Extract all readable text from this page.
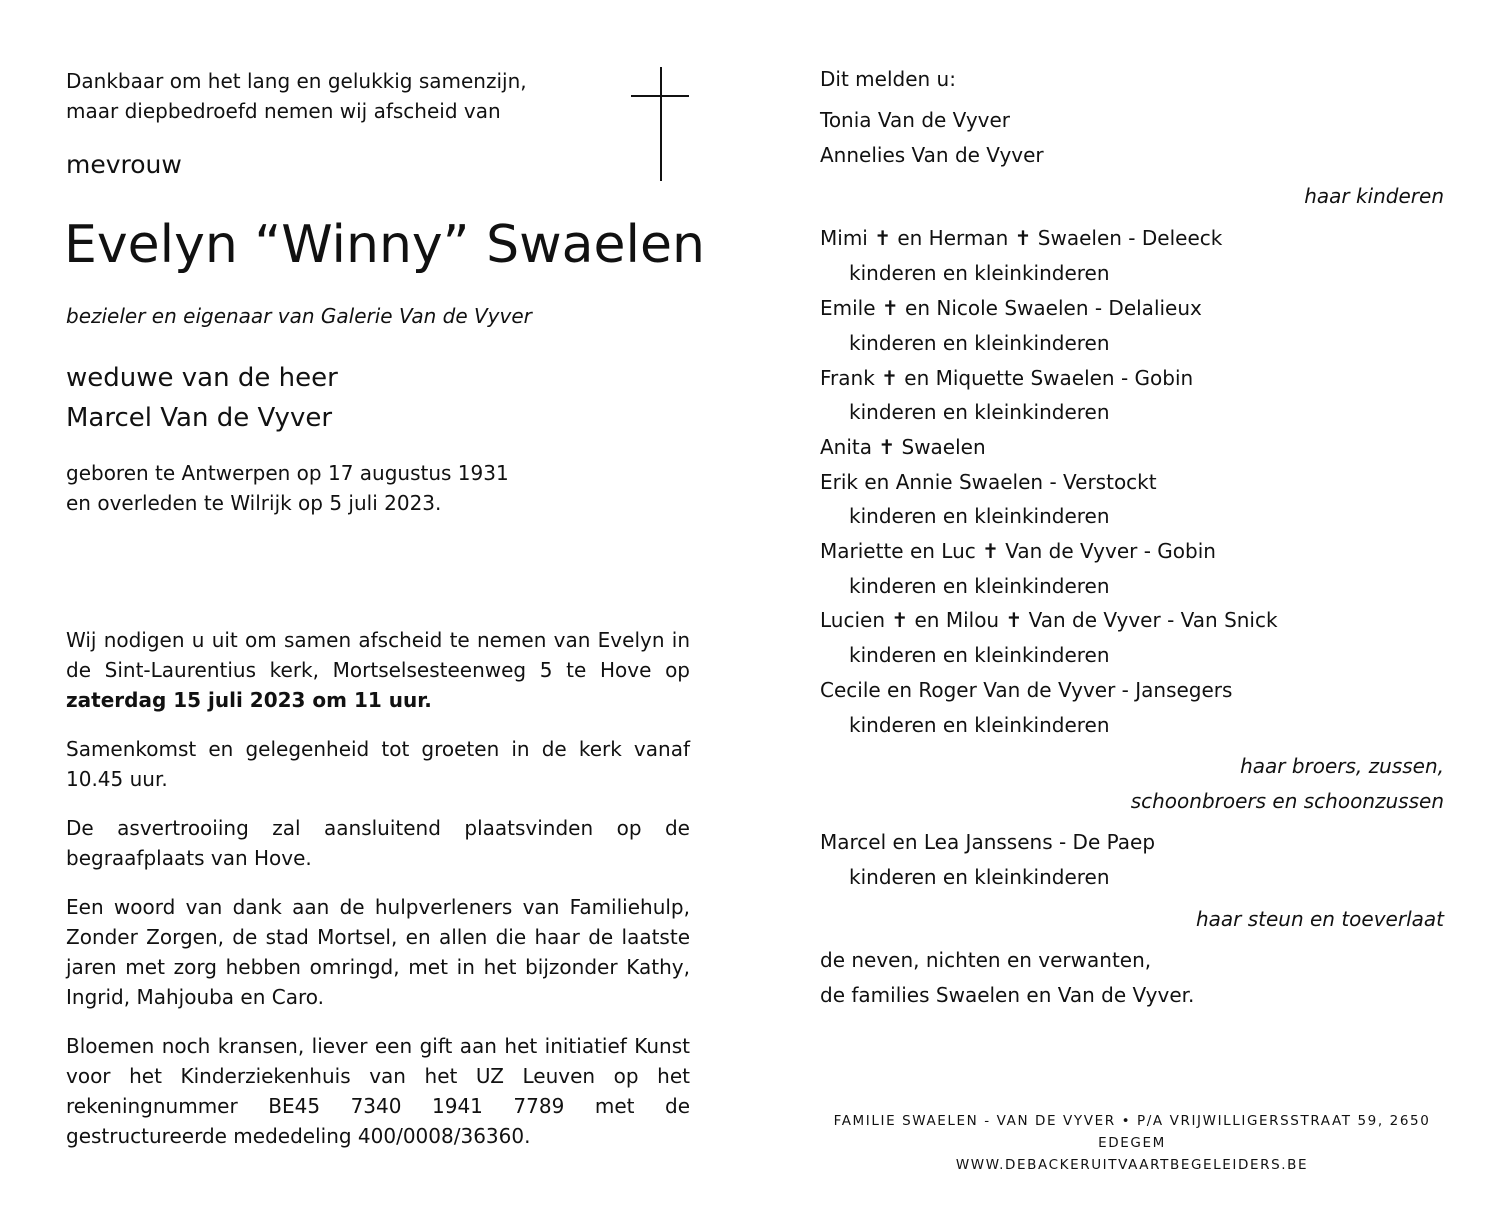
Dankbaar om het lang en gelukkig samenzijn,
maar diepbedroefd nemen wij afscheid van
mevrouw
Evelyn “Winny” Swaelen
bezieler en eigenaar van Galerie Van de Vyver
weduwe van de heer
Marcel Van de Vyver
geboren te Antwerpen op 17 augustus 1931
en overleden te Wilrijk op 5 juli 2023.

Wij nodigen u uit om samen afscheid te nemen van Evelyn in de Sint-Laurentius kerk, Mortselsesteenweg 5 te Hove op zaterdag 15 juli 2023 om 11 uur.

Samenkomst en gelegenheid tot groeten in de kerk vanaf 10.45 uur.

De asvertrooiing zal aansluitend plaatsvinden op de begraafplaats van Hove.

Een woord van dank aan de hulpverleners van Familiehulp, Zonder Zorgen, de stad Mortsel, en allen die haar de laatste jaren met zorg hebben omringd, met in het bijzonder Kathy, Ingrid, Mahjouba en Caro.

Bloemen noch kransen, liever een gift aan het initiatief Kunst voor het Kinderziekenhuis van het UZ Leuven op het rekeningnummer BE45 7340 1941 7789 met de gestructureerde mededeling 400/0008/36360.

Dit melden u:
Tonia Van de Vyver
Annelies Van de Vyver
haar kinderen
Mimi ✝ en Herman ✝ Swaelen - Deleeck
kinderen en kleinkinderen
Emile ✝ en Nicole Swaelen - Delalieux
kinderen en kleinkinderen
Frank ✝ en Miquette Swaelen - Gobin
kinderen en kleinkinderen
Anita ✝ Swaelen
Erik en Annie Swaelen - Verstockt
kinderen en kleinkinderen
Mariette en Luc ✝ Van de Vyver - Gobin
kinderen en kleinkinderen
Lucien ✝ en Milou ✝ Van de Vyver - Van Snick
kinderen en kleinkinderen
Cecile en Roger Van de Vyver - Jansegers
kinderen en kleinkinderen
haar broers, zussen,
schoonbroers en schoonzussen
Marcel en Lea Janssens - De Paep
kinderen en kleinkinderen
haar steun en toeverlaat
de neven, nichten en verwanten,
de families Swaelen en Van de Vyver.
FAMILIE SWAELEN - VAN DE VYVER • P/A VRIJWILLIGERSSTRAAT 59, 2650 EDEGEM
WWW.DEBACKERUITVAARTBEGELEIDERS.BE
